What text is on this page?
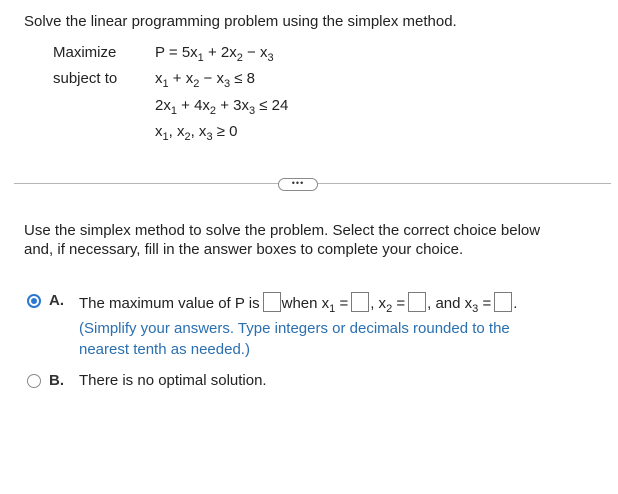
Solve the linear programming problem using the simplex method.
Maximize	$P = 5x_1 + 2x_2 - x_3$
subject to	$x_1 + x_2 - x_3 \le 8$
$2x_1 + 4x_2 + 3x_3 \le 24$
$x_1$, $x_2$, $x_3 \ge 0$
•••
Use the simplex method to solve the problem. Select the correct choice below
and, if necessary, fill in the answer boxes to complete your choice.
A. The maximum value of P is when $x_1$ = , $x_2$ = , and $x_3$ = .
(Simplify your answers. Type integers or decimals rounded to the
nearest tenth as needed.)
B. There is no optimal solution.
